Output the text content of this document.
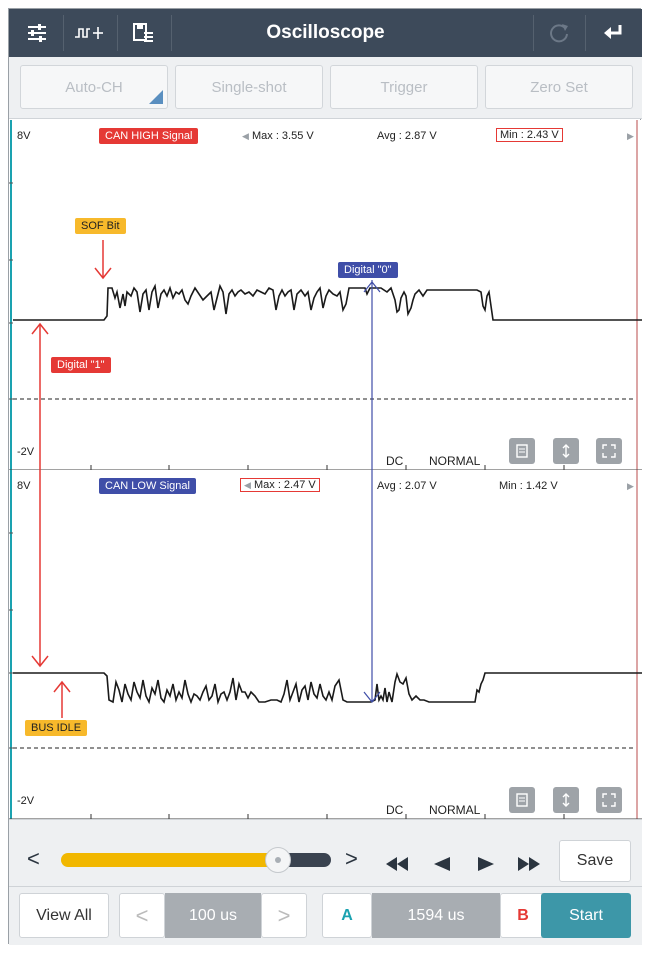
Oscilloscope
Auto-CH	Single-shot	Trigger	Zero Set
8V
-2V
CAN HIGH Signal	◀ Max : 3.55 V	Avg : 2.87 V	Min : 2.43 V	▶
SOF Bit
Digital "0"
Digital "1"
DC NORMAL
8V
-2V
CAN LOW Signal	◀ Max : 2.47 V	Avg : 2.07 V	Min : 1.42 V	▶
BUS IDLE
DC NORMAL
<	>	Save
View All	<	100 us	>	A	1594 us	B	Start
